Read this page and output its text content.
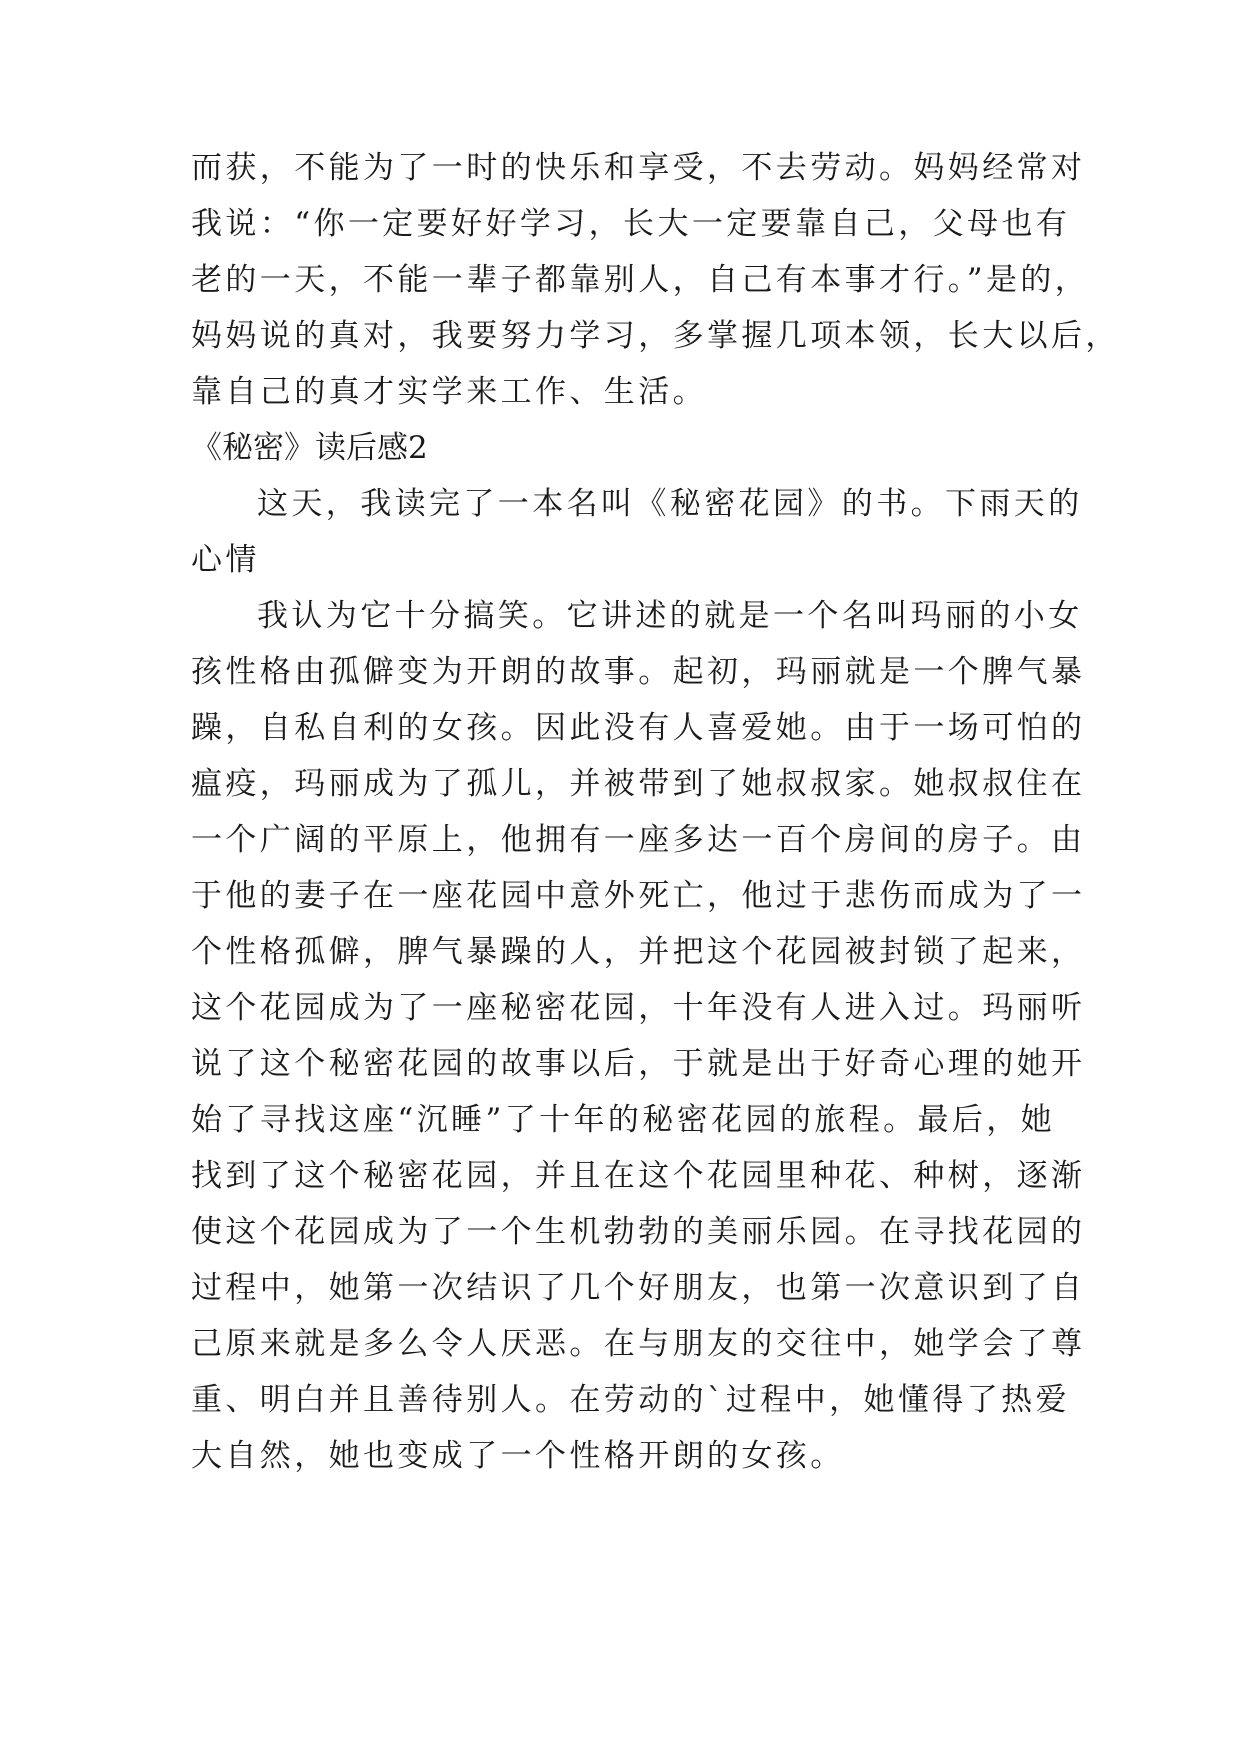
而获，不能为了一时的快乐和享受，不去劳动。妈妈经常对
我说：“你一定要好好学习，长大一定要靠自己，父母也有
老的一天，不能一辈子都靠别人，自己有本事才行。”是的，
妈妈说的真对，我要努力学习，多掌握几项本领，长大以后，
靠自己的真才实学来工作、生活。
《秘密》读后感2
这天，我读完了一本名叫《秘密花园》的书。下雨天的
心情
我认为它十分搞笑。它讲述的就是一个名叫玛丽的小女
孩性格由孤僻变为开朗的故事。起初，玛丽就是一个脾气暴
躁，自私自利的女孩。因此没有人喜爱她。由于一场可怕的
瘟疫，玛丽成为了孤儿，并被带到了她叔叔家。她叔叔住在
一个广阔的平原上，他拥有一座多达一百个房间的房子。由
于他的妻子在一座花园中意外死亡，他过于悲伤而成为了一
个性格孤僻，脾气暴躁的人，并把这个花园被封锁了起来，
这个花园成为了一座秘密花园，十年没有人进入过。玛丽听
说了这个秘密花园的故事以后，于就是出于好奇心理的她开
始了寻找这座“沉睡”了十年的秘密花园的旅程。最后，她
找到了这个秘密花园，并且在这个花园里种花、种树，逐渐
使这个花园成为了一个生机勃勃的美丽乐园。在寻找花园的
过程中，她第一次结识了几个好朋友，也第一次意识到了自
己原来就是多么令人厌恶。在与朋友的交往中，她学会了尊
重、明白并且善待别人。在劳动的`过程中，她懂得了热爱
大自然，她也变成了一个性格开朗的女孩。
